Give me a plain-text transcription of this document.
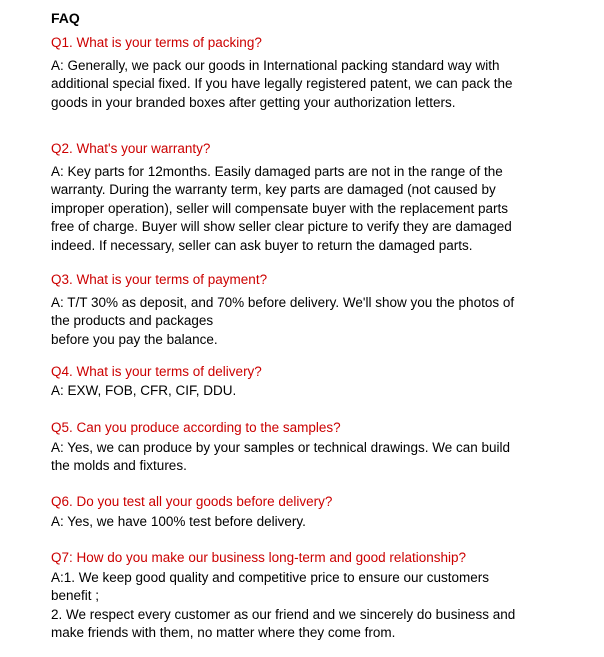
FAQ
Q1. What is your terms of packing?
A: Generally, we pack our goods in International packing standard way with
additional special fixed. If you have legally registered patent, we can pack the
goods in your branded boxes after getting your authorization letters.
Q2. What's your warranty?
A: Key parts for 12months. Easily damaged parts are not in the range of the
warranty. During the warranty term, key parts are damaged (not caused by
improper operation), seller will compensate buyer with the replacement parts
free of charge. Buyer will show seller clear picture to verify they are damaged
indeed. If necessary, seller can ask buyer to return the damaged parts.
Q3. What is your terms of payment?
A: T/T 30% as deposit, and 70% before delivery. We'll show you the photos of
the products and packages
before you pay the balance.
Q4. What is your terms of delivery?
A: EXW, FOB, CFR, CIF, DDU.
Q5. Can you produce according to the samples?
A: Yes, we can produce by your samples or technical drawings. We can build
the molds and fixtures.
Q6. Do you test all your goods before delivery?
A: Yes, we have 100% test before delivery.
Q7: How do you make our business long-term and good relationship?
A:1. We keep good quality and competitive price to ensure our customers
benefit ;
2. We respect every customer as our friend and we sincerely do business and
make friends with them, no matter where they come from.
